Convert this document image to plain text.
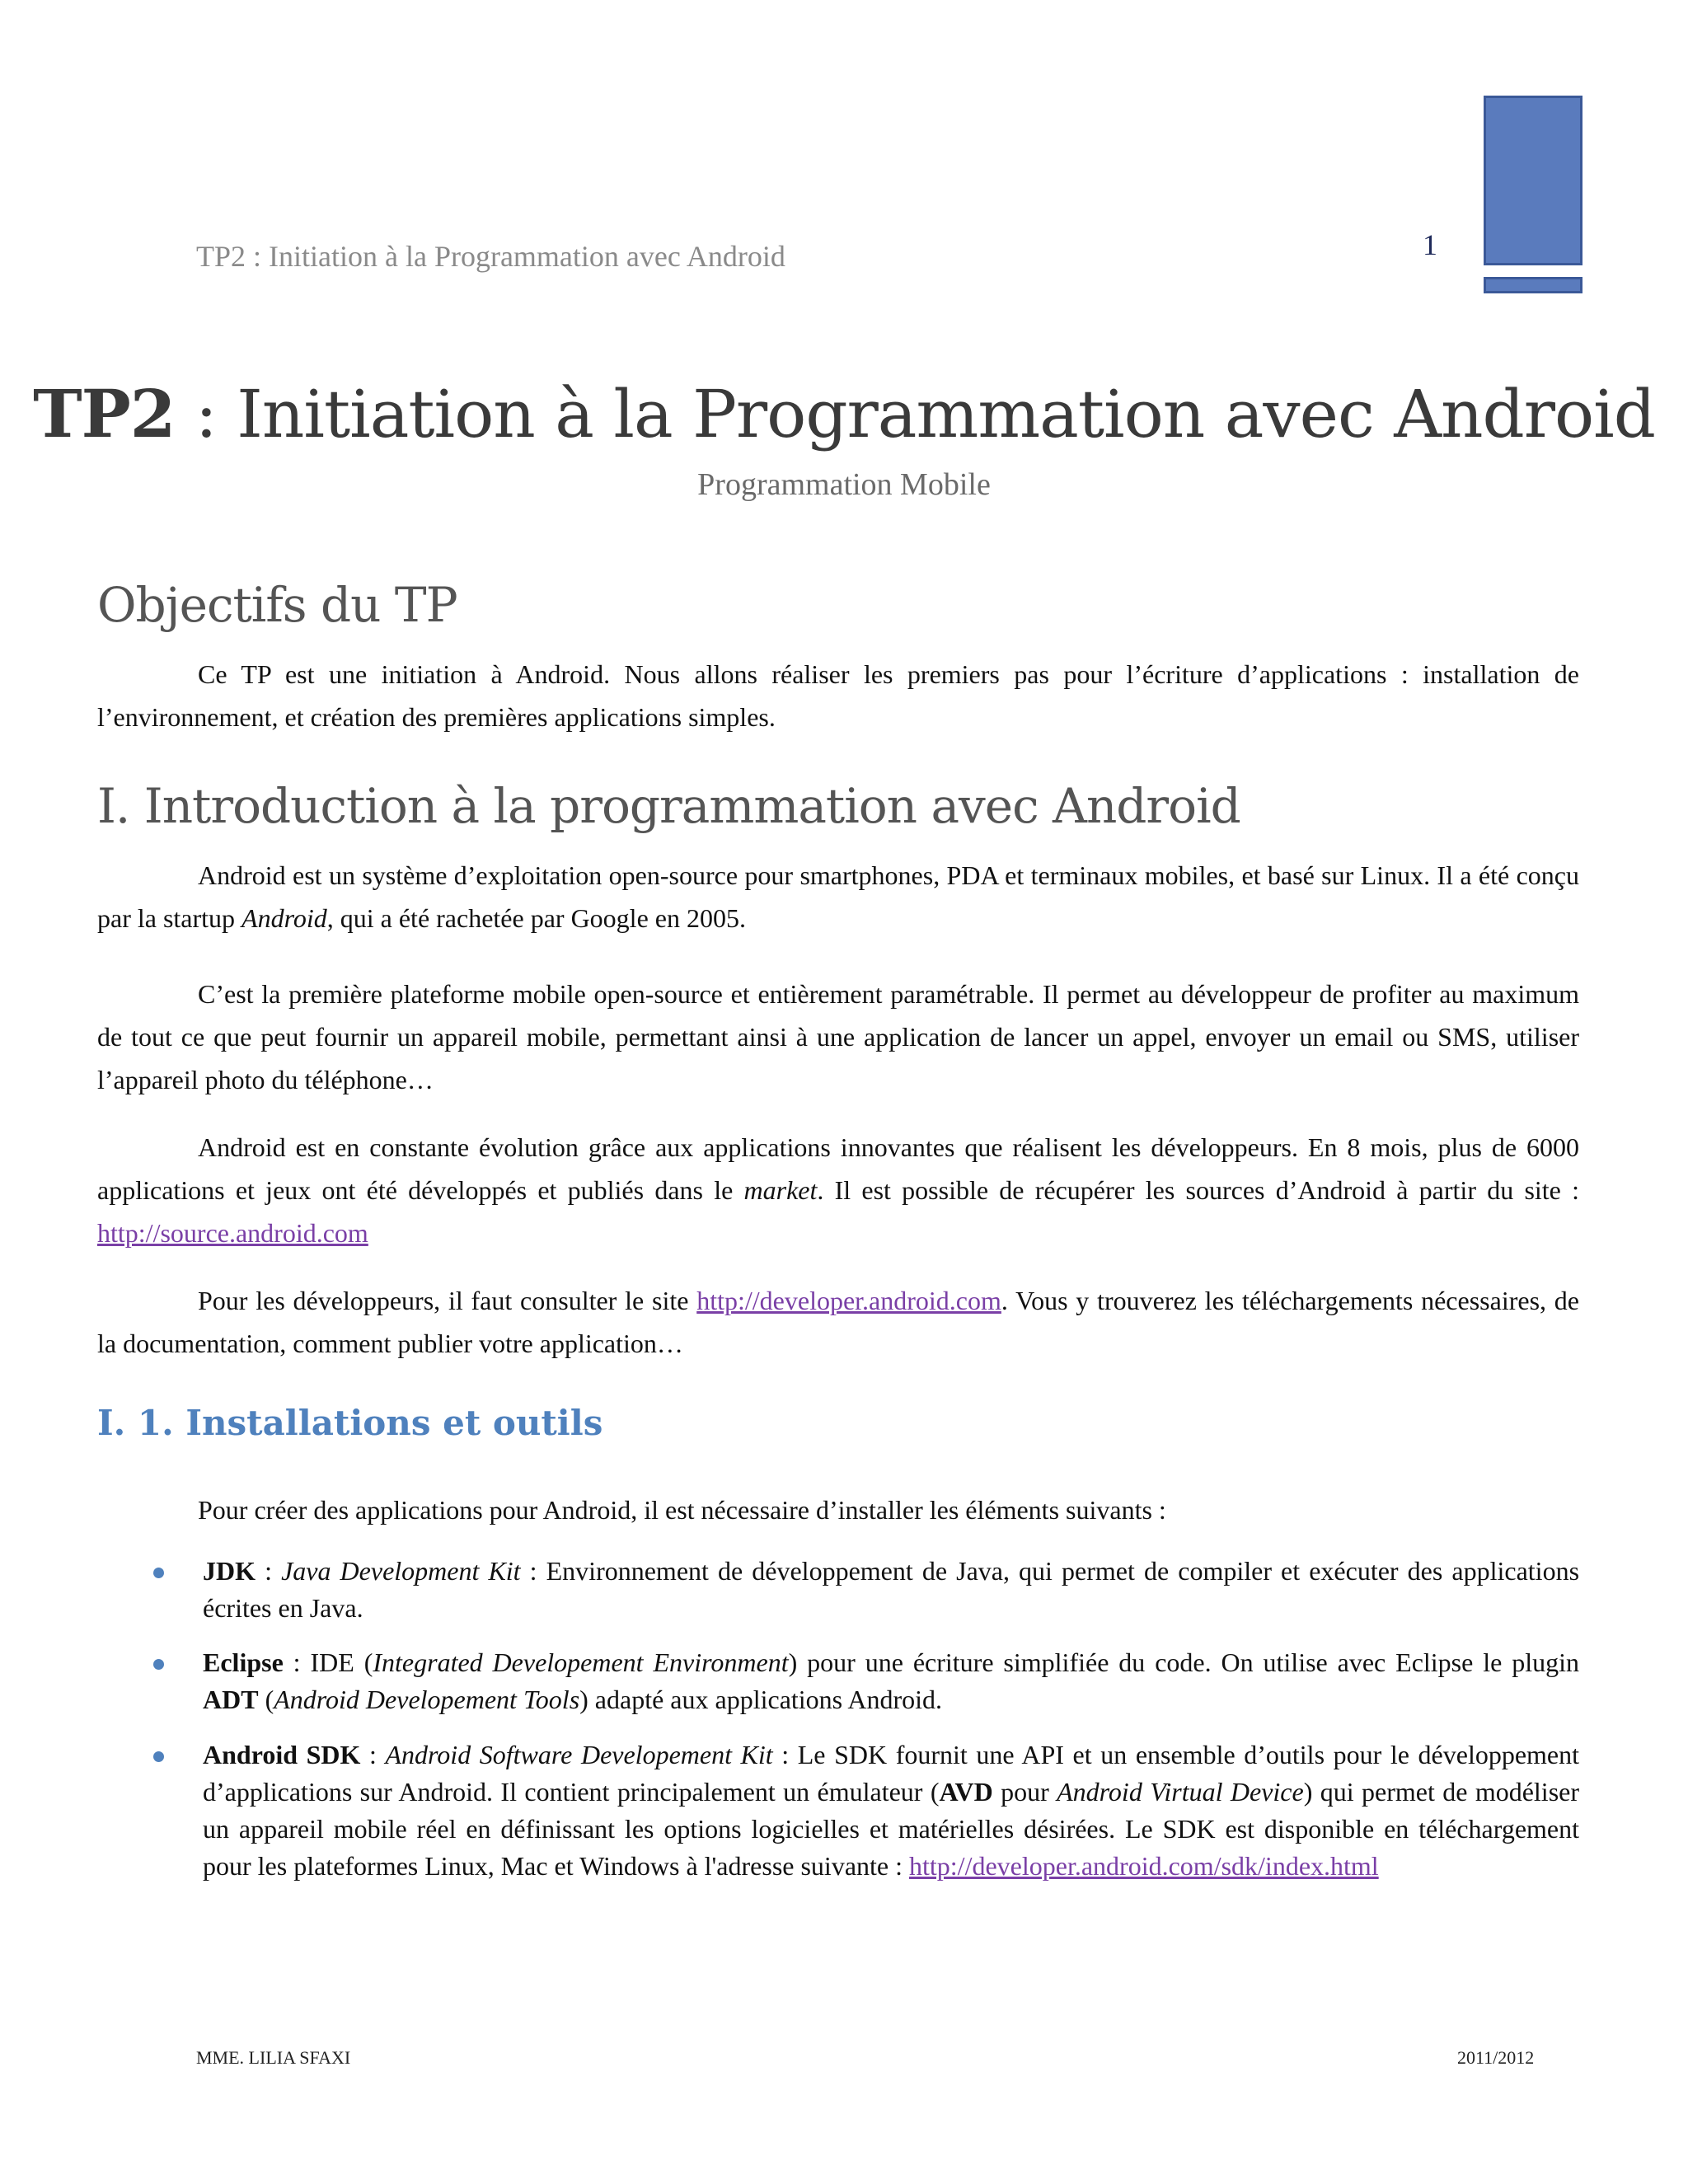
TP2 : Initiation à la Programmation avec Android	1
TP2 : Initiation à la Programmation avec Android
Programmation Mobile
Objectifs du TP
Ce TP est une initiation à Android. Nous allons réaliser les premiers pas pour l’écriture d’applications : installation de l’environnement, et création des premières applications simples.
I. Introduction à la programmation avec Android
Android est un système d’exploitation open-source pour smartphones, PDA et terminaux mobiles, et basé sur Linux. Il a été conçu par la startup Android, qui a été rachetée par Google en 2005.
C’est la première plateforme mobile open-source et entièrement paramétrable. Il permet au développeur de profiter au maximum de tout ce que peut fournir un appareil mobile, permettant ainsi à une application de lancer un appel, envoyer un email ou SMS, utiliser l’appareil photo du téléphone…
Android est en constante évolution grâce aux applications innovantes que réalisent les développeurs. En 8 mois, plus de 6000 applications et jeux ont été développés et publiés dans le market. Il est possible de récupérer les sources d’Android à partir du site : http://source.android.com
Pour les développeurs, il faut consulter le site http://developer.android.com. Vous y trouverez les téléchargements nécessaires, de la documentation, comment publier votre application…
I. 1. Installations et outils
Pour créer des applications pour Android, il est nécessaire d’installer les éléments suivants :
JDK : Java Development Kit : Environnement de développement de Java, qui permet de compiler et exécuter des applications écrites en Java.
Eclipse : IDE (Integrated Developement Environment) pour une écriture simplifiée du code. On utilise avec Eclipse le plugin ADT (Android Developement Tools) adapté aux applications Android.
Android SDK : Android Software Developement Kit : Le SDK fournit une API et un ensemble d’outils pour le développement d’applications sur Android. Il contient principalement un émulateur (AVD pour Android Virtual Device) qui permet de modéliser un appareil mobile réel en définissant les options logicielles et matérielles désirées. Le SDK est disponible en téléchargement pour les plateformes Linux, Mac et Windows à l'adresse suivante : http://developer.android.com/sdk/index.html
MME. LILIA SFAXI	2011/2012
